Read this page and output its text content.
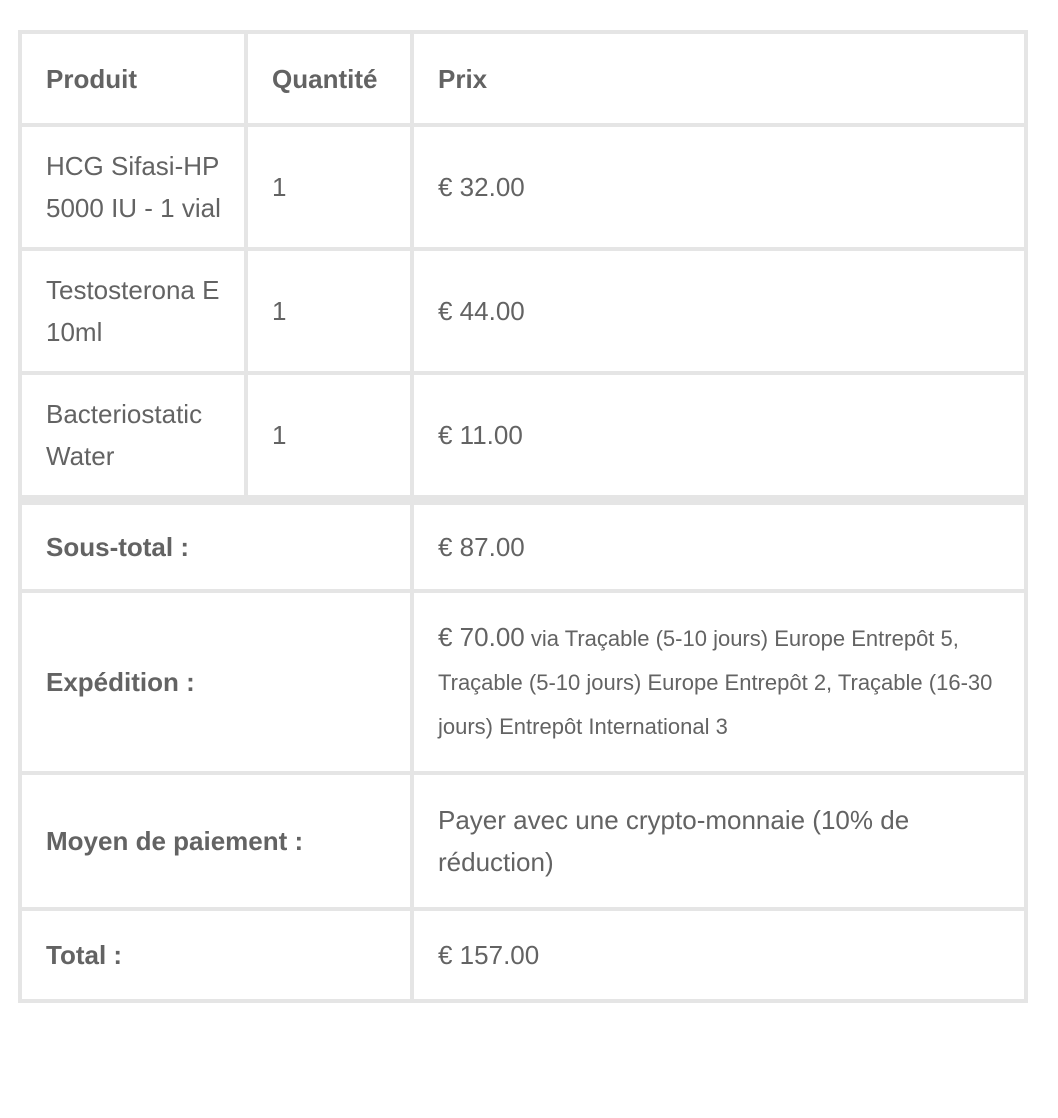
Produit	Quantité	Prix
HCG Sifasi-HP 5000 IU - 1 vial	1	€ 32.00
Testosterona E 10ml	1	€ 44.00
Bacteriostatic Water	1	€ 11.00
Sous-total :		€ 87.00
Expédition :		€ 70.00 via Traçable (5-10 jours) Europe Entrepôt 5, Traçable (5-10 jours) Europe Entrepôt 2, Traçable (16-30 jours) Entrepôt International 3
Moyen de paiement :		Payer avec une crypto-monnaie (10% de réduction)
Total :		€ 157.00
